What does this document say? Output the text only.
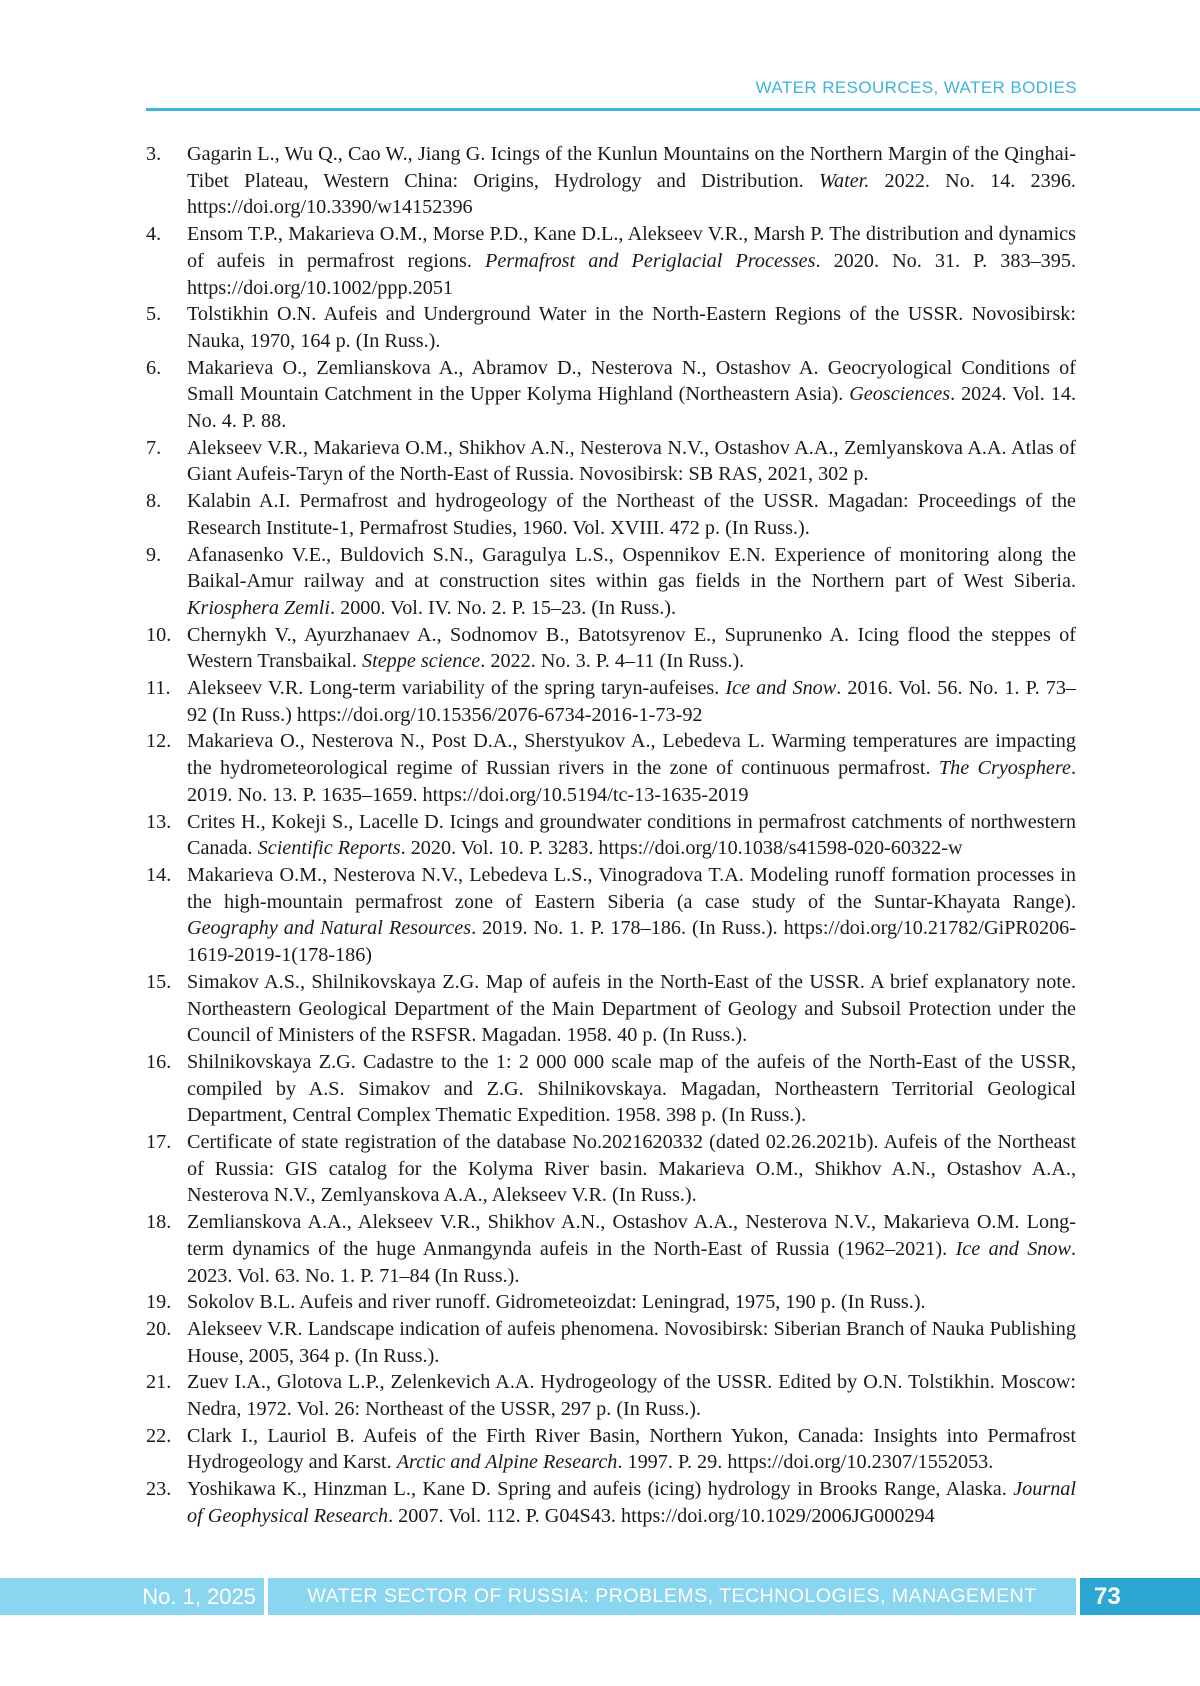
WATER RESOURCES, WATER BODIES
3. Gagarin L., Wu Q., Cao W., Jiang G. Icings of the Kunlun Mountains on the Northern Margin of the Qinghai-Tibet Plateau, Western China: Origins, Hydrology and Distribution. Water. 2022. No. 14. 2396. https://doi.org/10.3390/w14152396
4. Ensom T.P., Makarieva O.M., Morse P.D., Kane D.L., Alekseev V.R., Marsh P. The distribution and dynamics of aufeis in permafrost regions. Permafrost and Periglacial Processes. 2020. No. 31. P. 383–395. https://doi.org/10.1002/ppp.2051
5. Tolstikhin O.N. Aufeis and Underground Water in the North-Eastern Regions of the USSR. Novosibirsk: Nauka, 1970, 164 p. (In Russ.).
6. Makarieva O., Zemlianskova A., Abramov D., Nesterova N., Ostashov A. Geocryological Conditions of Small Mountain Catchment in the Upper Kolyma Highland (Northeastern Asia). Geosciences. 2024. Vol. 14. No. 4. P. 88.
7. Alekseev V.R., Makarieva O.M., Shikhov A.N., Nesterova N.V., Ostashov A.A., Zemlyanskova A.A. Atlas of Giant Aufeis-Taryn of the North-East of Russia. Novosibirsk: SB RAS, 2021, 302 p.
8. Kalabin A.I. Permafrost and hydrogeology of the Northeast of the USSR. Magadan: Proceedings of the Research Institute-1, Permafrost Studies, 1960. Vol. XVIII. 472 p. (In Russ.).
9. Afanasenko V.E., Buldovich S.N., Garagulya L.S., Ospennikov E.N. Experience of monitoring along the Baikal-Amur railway and at construction sites within gas fields in the Northern part of West Siberia. Kriosphera Zemli. 2000. Vol. IV. No. 2. P. 15–23. (In Russ.).
10. Chernykh V., Ayurzhanaev A., Sodnomov B., Batotsyrenov E., Suprunenko A. Icing flood the steppes of Western Transbaikal. Steppe science. 2022. No. 3. P. 4–11 (In Russ.).
11. Alekseev V.R. Long-term variability of the spring taryn-aufeises. Ice and Snow. 2016. Vol. 56. No. 1. P. 73–92 (In Russ.) https://doi.org/10.15356/2076-6734-2016-1-73-92
12. Makarieva O., Nesterova N., Post D.A., Sherstyukov A., Lebedeva L. Warming temperatures are impacting the hydrometeorological regime of Russian rivers in the zone of continuous permafrost. The Cryosphere. 2019. No. 13. P. 1635–1659. https://doi.org/10.5194/tc-13-1635-2019
13. Crites H., Kokeji S., Lacelle D. Icings and groundwater conditions in permafrost catchments of northwestern Canada. Scientific Reports. 2020. Vol. 10. P. 3283. https://doi.org/10.1038/s41598-020-60322-w
14. Makarieva O.M., Nesterova N.V., Lebedeva L.S., Vinogradova T.A. Modeling runoff formation processes in the high-mountain permafrost zone of Eastern Siberia (a case study of the Suntar-Khayata Range). Geography and Natural Resources. 2019. No. 1. P. 178–186. (In Russ.). https://doi.org/10.21782/GiPR0206-1619-2019-1(178-186)
15. Simakov A.S., Shilnikovskaya Z.G. Map of aufeis in the North-East of the USSR. A brief explanatory note. Northeastern Geological Department of the Main Department of Geology and Subsoil Protection under the Council of Ministers of the RSFSR. Magadan. 1958. 40 p. (In Russ.).
16. Shilnikovskaya Z.G. Cadastre to the 1: 2 000 000 scale map of the aufeis of the North-East of the USSR, compiled by A.S. Simakov and Z.G. Shilnikovskaya. Magadan, Northeastern Territorial Geological Department, Central Complex Thematic Expedition. 1958. 398 p. (In Russ.).
17. Certificate of state registration of the database No.2021620332 (dated 02.26.2021b). Aufeis of the Northeast of Russia: GIS catalog for the Kolyma River basin. Makarieva O.M., Shikhov A.N., Ostashov A.A., Nesterova N.V., Zemlyanskova A.A., Alekseev V.R. (In Russ.).
18. Zemlianskova A.A., Alekseev V.R., Shikhov A.N., Ostashov A.A., Nesterova N.V., Makarieva O.M. Long-term dynamics of the huge Anmangynda aufeis in the North-East of Russia (1962–2021). Ice and Snow. 2023. Vol. 63. No. 1. P. 71–84 (In Russ.).
19. Sokolov B.L. Aufeis and river runoff. Gidrometeoizdat: Leningrad, 1975, 190 p. (In Russ.).
20. Alekseev V.R. Landscape indication of aufeis phenomena. Novosibirsk: Siberian Branch of Nauka Publishing House, 2005, 364 p. (In Russ.).
21. Zuev I.A., Glotova L.P., Zelenkevich A.A. Hydrogeology of the USSR. Edited by O.N. Tolstikhin. Moscow: Nedra, 1972. Vol. 26: Northeast of the USSR, 297 p. (In Russ.).
22. Clark I., Lauriol B. Aufeis of the Firth River Basin, Northern Yukon, Canada: Insights into Permafrost Hydrogeology and Karst. Arctic and Alpine Research. 1997. P. 29. https://doi.org/10.2307/1552053.
23. Yoshikawa K., Hinzman L., Kane D. Spring and aufeis (icing) hydrology in Brooks Range, Alaska. Journal of Geophysical Research. 2007. Vol. 112. P. G04S43. https://doi.org/10.1029/2006JG000294
No. 1, 2025	WATER SECTOR OF RUSSIA: PROBLEMS, TECHNOLOGIES, MANAGEMENT	73
